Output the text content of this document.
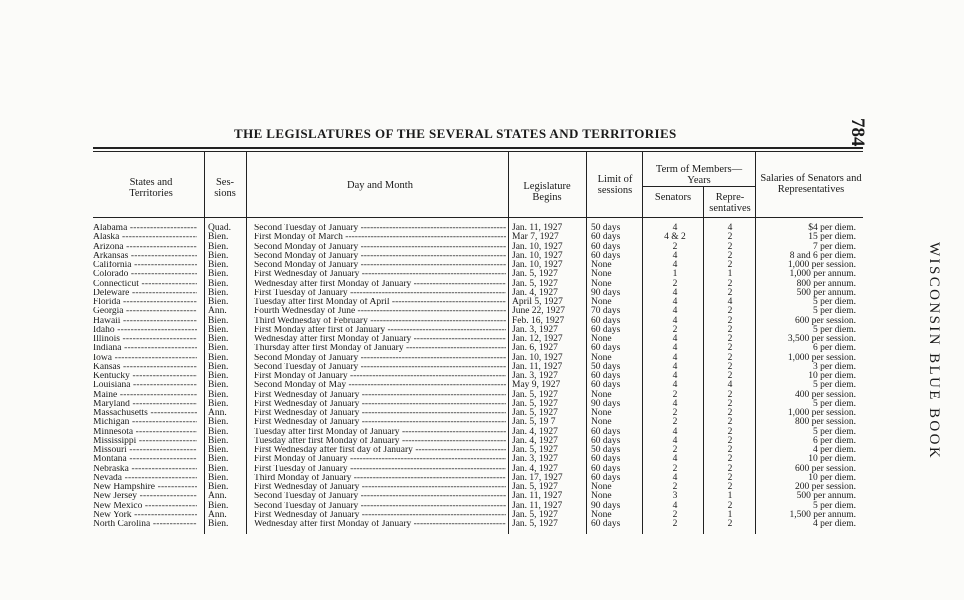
784
WISCONSIN BLUE BOOK
THE LEGISLATURES OF THE SEVERAL STATES AND TERRITORIES
States and Territories
Ses- sions
Day and Month	Legislature Begins
Limit of sessions
Term of Members— Years
Senators	Repre- sentatives
Salaries of Senators and Representatives
Alabama -----	Quad. Second Tuesday of January -----	Jan. 11, 1927	50 days	4	4	$4 per diem.
Alaska -----	Bien.	First Monday of March -----	Mar 7, 1927	60 days	4 & 2	2	15 per diem.
Arizona -----	Bien.	Second Monday of January -----	Jan. 10, 1927	60 days	2	2	7 per diem.
Arkansas -----	Bien.	Second Monday of January -----	Jan. 10, 1927	60 days	4	2	8 and 6 per diem.
California -----	Bien.	Second Monday of January -----	Jan. 10, 1927	None	4	2	1,000 per session.
Colorado -----	Bien.	First Wednesday of January -----	Jan. 5, 1927	None	1	1	1,000 per annum.
Connecticut -----	Bien.	Wednesday after first Monday of January -----	Jan. 5, 1927	None	2	2	800 per annum.
Deleware -----	Bien.	First Tuesday of January -----	Jan. 4, 1927	90 days	4	2	500 per annum.
Florida -----	Bien.	Tuesday after first Monday of April -----	April 5, 1927	None	4	4	5 per diem.
Georgia -----	Ann.	Fourth Wednesday of June -----	June 22, 1927	70 days	4	2	5 per diem.
Hawaii -----	Bien.	Third Wednesday of February -----	Feb. 16, 1927	60 days	4	2	600 per session.
Idaho -----	Bien.	First Monday after first of January -----	Jan. 3, 1927	60 days	2	2	5 per diem.
Illinois -----	Bien.	Wednesday after first Monday of January -----	Jan. 12, 1927	None	4	2	3,500 per session.
Indiana -----	Bien.	Thursday after first Monday of January -----	Jan. 6, 1927	60 days	4	2	6 per diem.
Iowa -----	Bien.	Second Monday of January -----	Jan. 10, 1927	None	4	2	1,000 per session.
Kansas -----	Bien.	Second Tuesday of January -----	Jan. 11, 1927	50 days	4	2	3 per diem.
Kentucky -----	Bien.	First Monday of January -----	Jan. 3, 1927	60 days	4	2	10 per diem.
Louisiana -----	Bien.	Second Monday of May -----	May 9, 1927	60 days	4	4	5 per diem.
Maine -----	Bien.	First Wednesday of January -----	Jan. 5, 1927	None	2	2	400 per session.
Maryland -----	Bien.	First Wednesday of January -----	Jan. 5, 1927	90 days	4	2	5 per diem.
Massachusetts -----	Ann.	First Wednesday of January -----	Jan. 5, 1927	None	2	2	1,000 per session.
Michigan -----	Bien.	First Wednesday of January -----	Jan. 5, 19 7	None	2	2	800 per session.
Minnesota -----	Bien.	Tuesday after first Monday of January -----	Jan. 4, 1927	60 days	4	2	5 per diem.
Mississippi -----	Bien.	Tuesday after first Monday of January -----	Jan. 4, 1927	60 days	4	2	6 per diem.
Missouri -----	Bien.	First Wednesday after first day of January -----	Jan. 5, 1927	50 days	2	2	4 per diem.
Montana -----	Bien.	First Monday of January -----	Jan. 3, 1927	60 days	4	2	10 per diem.
Nebraska -----	Bien.	First Tuesday of January -----	Jan. 4, 1927	60 days	2	2	600 per session.
Nevada -----	Bien.	Third Monday of January -----	Jan. 17, 1927	60 days	4	2	10 per diem.
New Hampshire -----	Bien.	First Wednesday of January -----	Jan. 5, 1927	None	2	2	200 per session.
New Jersey -----	Ann.	Second Tuesday of January -----	Jan. 11, 1927	None	3	1	500 per annum.
New Mexico -----	Bien.	Second Tuesday of January -----	Jan. 11, 1927	90 days	4	2	5 per diem.
New York -----	Ann.	First Wednesday of January -----	Jan. 5, 1927	None	2	1	1,500 per annum.
North Carolina -----	Bien.	Wednesday after first Monday of January -----	Jan. 5, 1927	60 days	2	2	4 per diem.
